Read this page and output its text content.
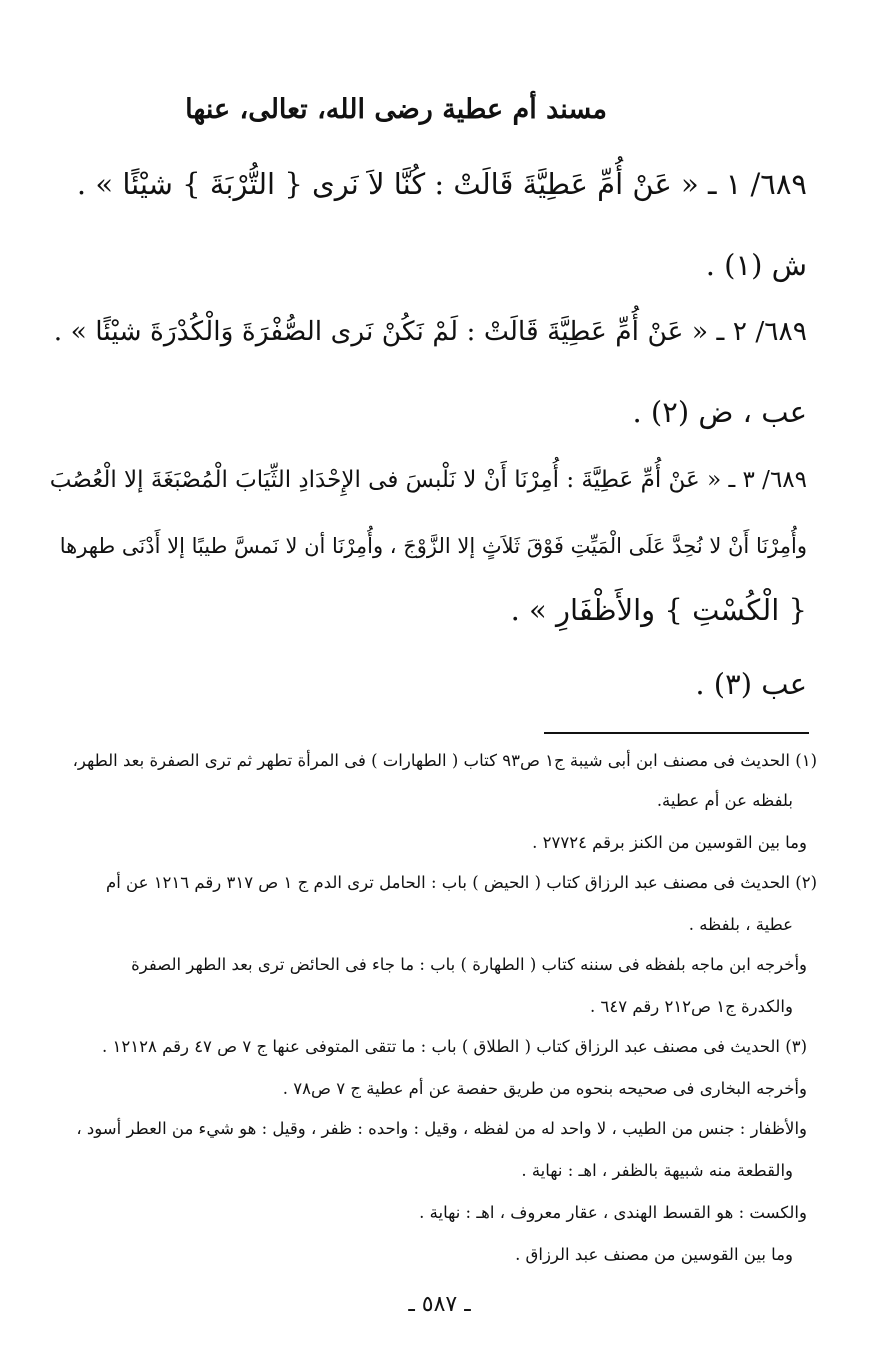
مسند أم عطية رضى الله، تعالى، عنها
٦٨٩/ ١ ـ « عَنْ أُمِّ عَطِيَّةَ قَالَتْ : كُنَّا لاَ نَرى { التُّرْبَةَ } شيْئًا » .
ش (١) .
٦٨٩/ ٢ ـ « عَنْ أُمِّ عَطِيَّةَ قَالَتْ : لَمْ نَكُنْ نَرى الصُّفْرَةَ وَالْكُدْرَةَ شيْئًا » .
عب ، ض (٢) .
٦٨٩/ ٣ ـ « عَنْ أُمِّ عَطِيَّةَ : أُمِرْنَا أَنْ لا نَلْبسَ فى الإِحْدَادِ الثِّيَابَ الْمُصْبَغَةَ إلا الْعُصُبَ
وأُمِرْنَا أَنْ لا نُحِدَّ عَلَى الْمَيِّتِ فَوْقَ ثَلاَثٍ إلا الزَّوْجَ ، وأُمِرْنَا أن لا نَمسَّ طيبًا إلا أَدْنَى طهرها
{ الْكُسْتِ } والأَظْفَارِ » .
عب (٣) .
(١) الحديث فى مصنف ابن أبى شيبة ج١ ص٩٣ كتاب ( الطهارات ) فى المرأة تطهر ثم ترى الصفرة بعد الطهر،
بلفظه عن أم عطية.
وما بين القوسين من الكنز برقم ٢٧٧٢٤ .
(٢) الحديث فى مصنف عبد الرزاق كتاب ( الحيض ) باب : الحامل ترى الدم ج ١ ص ٣١٧ رقم ١٢١٦ عن أم
عطية ، بلفظه .
وأخرجه ابن ماجه بلفظه فى سننه كتاب ( الطهارة ) باب : ما جاء فى الحائض ترى بعد الطهر الصفرة
والكدرة ج١ ص٢١٢ رقم ٦٤٧ .
(٣) الحديث فى مصنف عبد الرزاق كتاب ( الطلاق ) باب : ما تتقى المتوفى عنها ج ٧ ص ٤٧ رقم ١٢١٢٨ .
وأخرجه البخارى فى صحيحه بنحوه من طريق حفصة عن أم عطية ج ٧ ص٧٨ .
والأظفار : جنس من الطيب ، لا واحد له من لفظه ، وقيل : واحده : ظفر ، وقيل : هو شيء من العطر أسود ،
والقطعة منه شبيهة بالظفر ، اهـ : نهاية .
والكست : هو القسط الهندى ، عقار معروف ، اهـ : نهاية .
وما بين القوسين من مصنف عبد الرزاق .
ـ ٥٨٧ ـ
